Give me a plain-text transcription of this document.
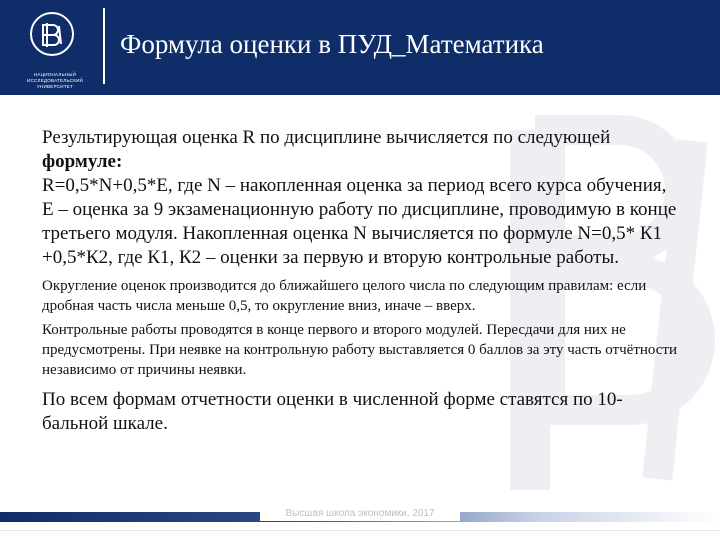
НАЦИОНАЛЬНЫЙ ИССЛЕДОВАТЕЛЬСКИЙ УНИВЕРСИТЕТ
Формула оценки в ПУД_Математика

Результирующая оценка R по дисциплине вычисляется по следующей формуле:

R=0,5*N+0,5*E, где N – накопленная оценка за период всего курса обучения, E – оценка за 9 экзаменационную работу по дисциплине, проводимую в конце третьего модуля. Накопленная оценка N вычисляется по формуле N=0,5* К1 +0,5*К2, где К1, К2 – оценки за первую и вторую контрольные работы.

Округление оценок производится до ближайшего целого числа по следующим правилам: если дробная часть числа меньше 0,5, то округление вниз, иначе – вверх.

Контрольные работы проводятся в конце первого и второго модулей. Пересдачи для них не предусмотрены. При неявке на контрольную работу выставляется 0 баллов за эту часть отчётности независимо от причины неявки.

По всем формам отчетности оценки в численной форме ставятся по 10-бальной шкале.

Высшая школа экономики, 2017
